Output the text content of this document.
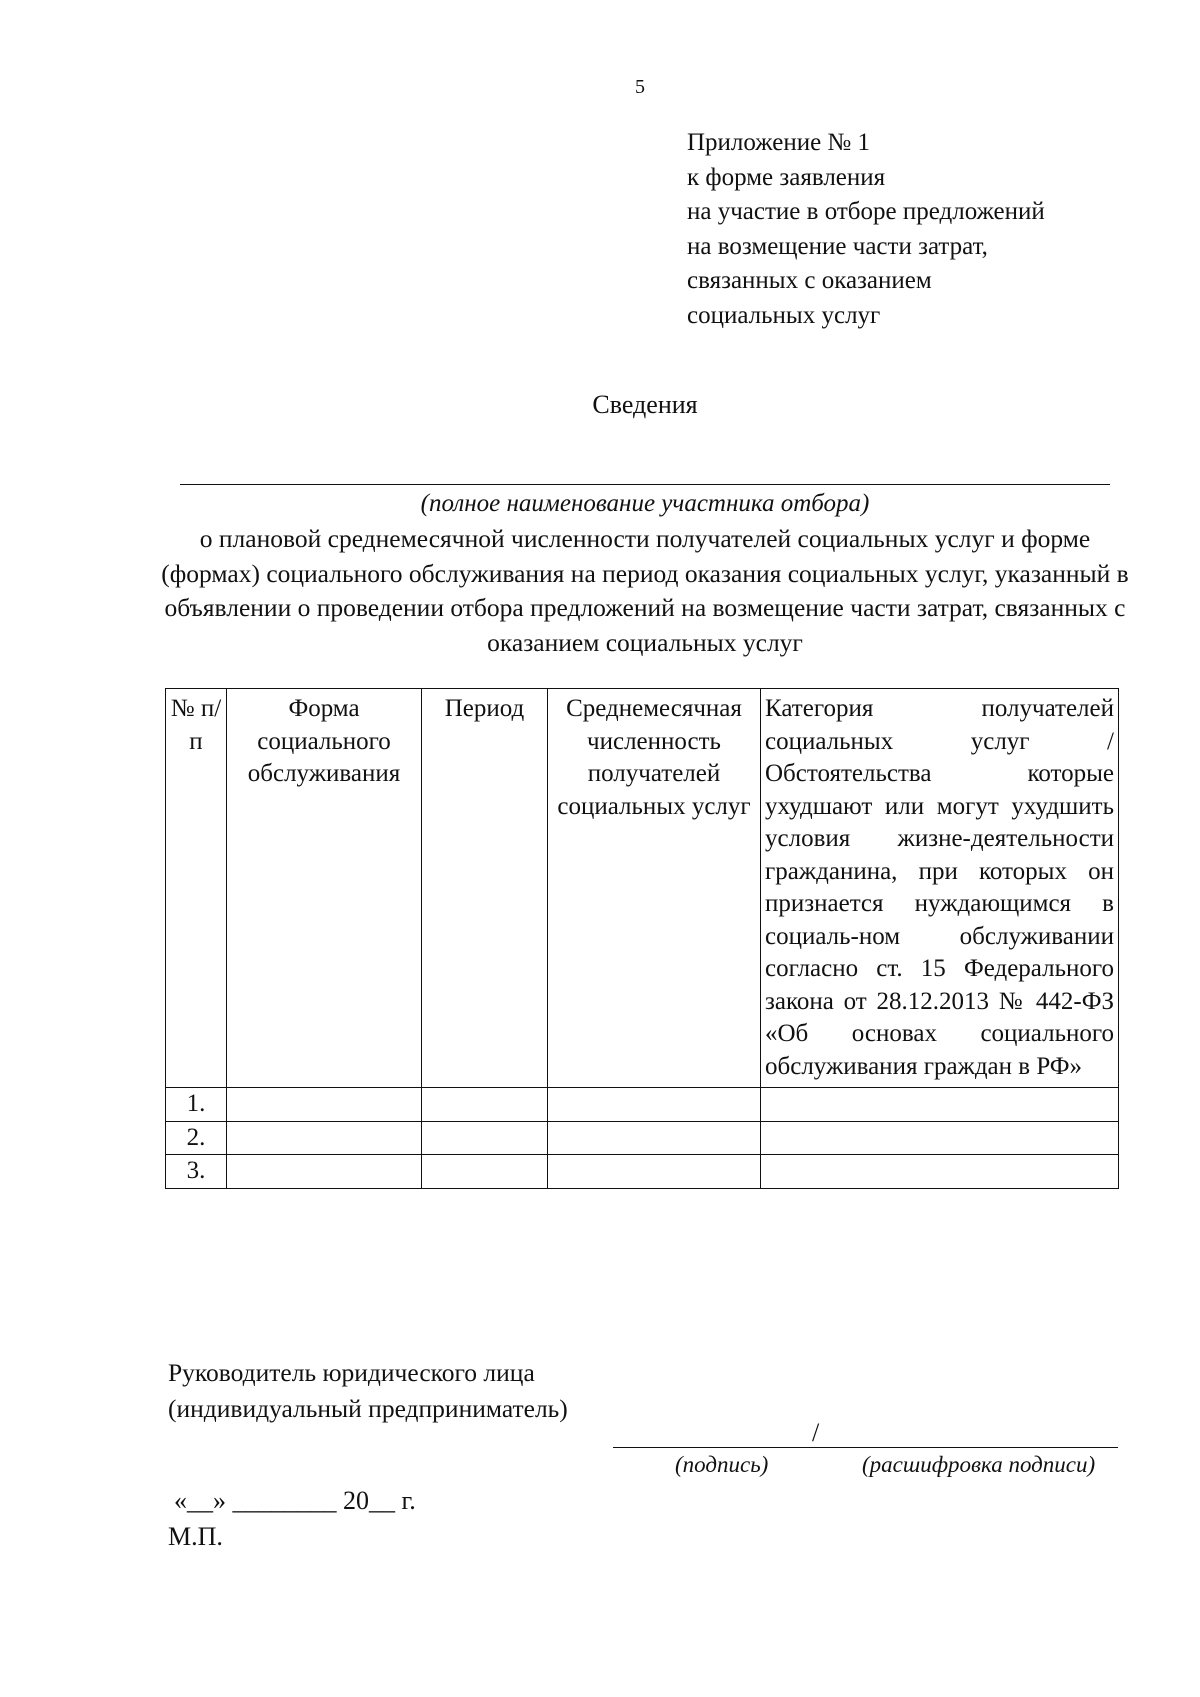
5
Приложение № 1
к форме заявления
на участие в отборе предложений
на возмещение части затрат,
связанных с оказанием
социальных услуг
Сведения
(полное наименование участника отбора)
о плановой среднемесячной численности получателей социальных услуг и форме (формах) социального обслуживания на период оказания социальных услуг, указанный в объявлении о проведении отбора предложений на возмещение части затрат, связанных с оказанием социальных услуг
№ п/п	Форма социального обслуживания	Период	Среднемесячная численность получателей социальных услуг	Категория получателей социальных услуг /Обстоятельства которые ухудшают или могут ухудшить условия жизне-деятельности гражданина, при которых он признается нуждающимся в социаль-ном обслуживании согласно ст. 15 Федерального закона от 28.12.2013 № 442-ФЗ «Об основах социального обслуживания граждан в РФ»
1.				
2.				
3.				
Руководитель юридического лица
(индивидуальный предприниматель)
/
(подпись)	(расшифровка подписи)
«__» ________ 20__ г.
М.П.
